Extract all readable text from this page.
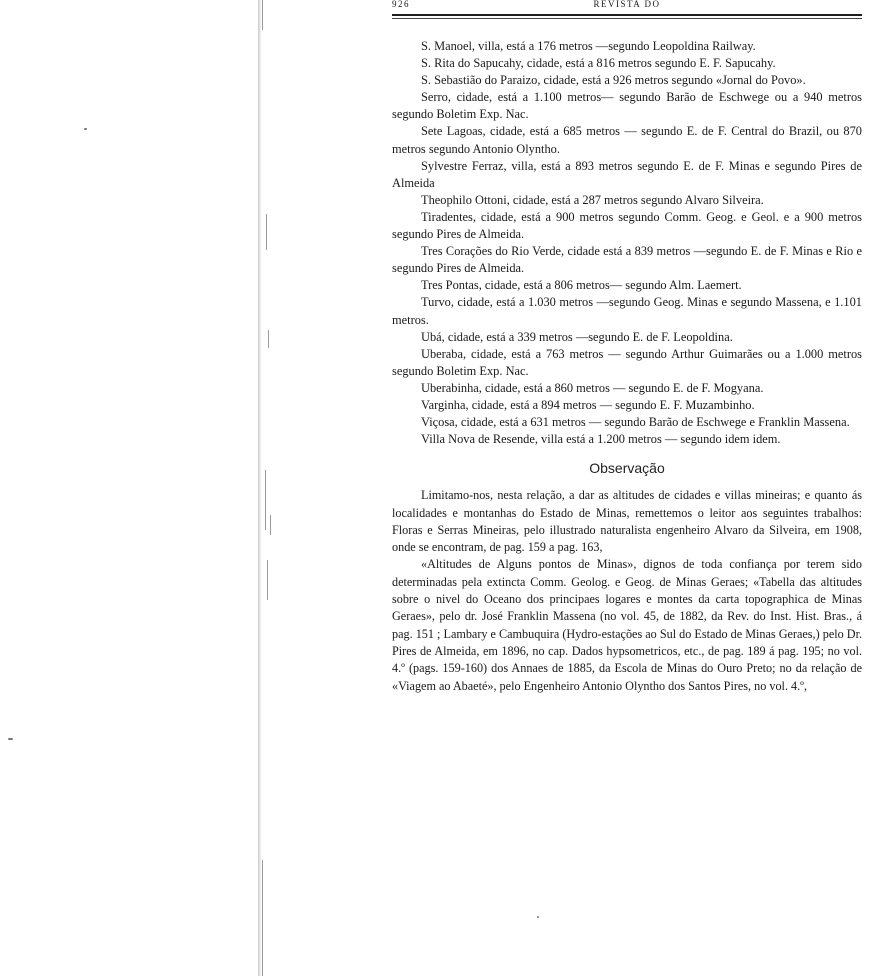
926	REVISTA DO

S. Manoel, villa, está a 176 metros —segundo Leopoldina Railway.

S. Rita do Sapucahy, cidade, está a 816 metros segundo E. F. Sapucahy.

S. Sebastião do Paraizo, cidade, está a 926 metros segundo «Jornal do Povo».

Serro, cidade, está a 1.100 metros— segundo Barão de Eschwege ou a 940 metros segundo Boletim Exp. Nac.

Sete Lagoas, cidade, está a 685 metros — segundo E. de F. Central do Brazil, ou 870 metros segundo Antonio Olyntho.

Sylvestre Ferraz, villa, está a 893 metros segundo E. de F. Minas e segundo Pires de Almeida

Theophilo Ottoni, cidade, está a 287 metros segundo Alvaro Silveira.

Tiradentes, cidade, está a 900 metros segundo Comm. Geog. e Geol. e a 900 metros segundo Pires de Almeida.

Tres Corações do Rio Verde, cidade está a 839 metros —segundo E. de F. Minas e Rio e segundo Pires de Almeida.

Tres Pontas, cidade, está a 806 metros— segundo Alm. Laemert.

Turvo, cidade, está a 1.030 metros —segundo Geog. Minas e segundo Massena, e 1.101 metros.

Ubá, cidade, está a 339 metros —segundo E. de F. Leopoldina.

Uberaba, cidade, está a 763 metros — segundo Arthur Guimarães ou a 1.000 metros segundo Boletim Exp. Nac.

Uberabinha, cidade, está a 860 metros — segundo E. de F. Mogyana.

Varginha, cidade, está a 894 metros — segundo E. F. Muzambinho.

Viçosa, cidade, está a 631 metros — segundo Barão de Eschwege e Franklin Massena.

Villa Nova de Resende, villa está a 1.200 metros — segundo idem idem.

Observação

Limitamo-nos, nesta relação, a dar as altitudes de cidades e villas mineiras; e quanto ás localidades e montanhas do Estado de Minas, remettemos o leitor aos seguintes trabalhos: Floras e Serras Mineiras, pelo illustrado naturalista engenheiro Alvaro da Silveira, em 1908, onde se encontram, de pag. 159 a pag. 163,

«Altitudes de Alguns pontos de Minas», dignos de toda confiança por terem sido determinadas pela extincta Comm. Geolog. e Geog. de Minas Geraes; «Tabella das altitudes sobre o nivel do Oceano dos principaes logares e montes da carta topographica de Minas Geraes», pelo dr. José Franklin Massena (no vol. 45, de 1882, da Rev. do Inst. Hist. Bras., á pag. 151 ; Lambary e Cambuquira (Hydro-estações ao Sul do Estado de Minas Geraes,) pelo Dr. Pires de Almeida, em 1896, no cap. Dados hypsometricos, etc., de pag. 189 á pag. 195; no vol. 4.º (pags. 159-160) dos Annaes de 1885, da Escola de Minas do Ouro Preto; no da relação de «Viagem ao Abaeté», pelo Engenheiro Antonio Olyntho dos Santos Pires, no vol. 4.º,
